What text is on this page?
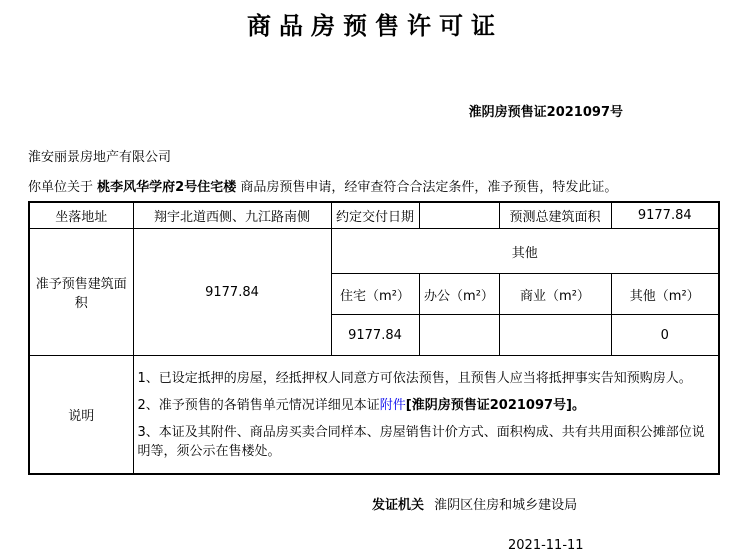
商品房预售许可证
淮阴房预售证2021097号
淮安丽景房地产有限公司
你单位关于 桃李风华学府2号住宅楼 商品房预售申请，经审查符合合法定条件，准予预售，特发此证。
坐落地址	翔宇北道西侧、九江路南侧	约定交付日期		预测总建筑面积	9177.84
准予预售建筑面积	9177.84	其他			
		住宅（m²）	办公（m²）	商业（m²）	其他（m²）
		9177.84			0
说明	1、已设定抵押的房屋，经抵押权人同意方可依法预售，且预售人应当将抵押事实告知预购房人。

2、准予预售的各销售单元情况详细见本证附件[淮阴房预售证2021097号]。

3、本证及其附件、商品房买卖合同样本、房屋销售计价方式、面积构成、共有共用面积公摊部位说明等，须公示在售楼处。				

发证机关 淮阴区住房和城乡建设局
2021-11-11
